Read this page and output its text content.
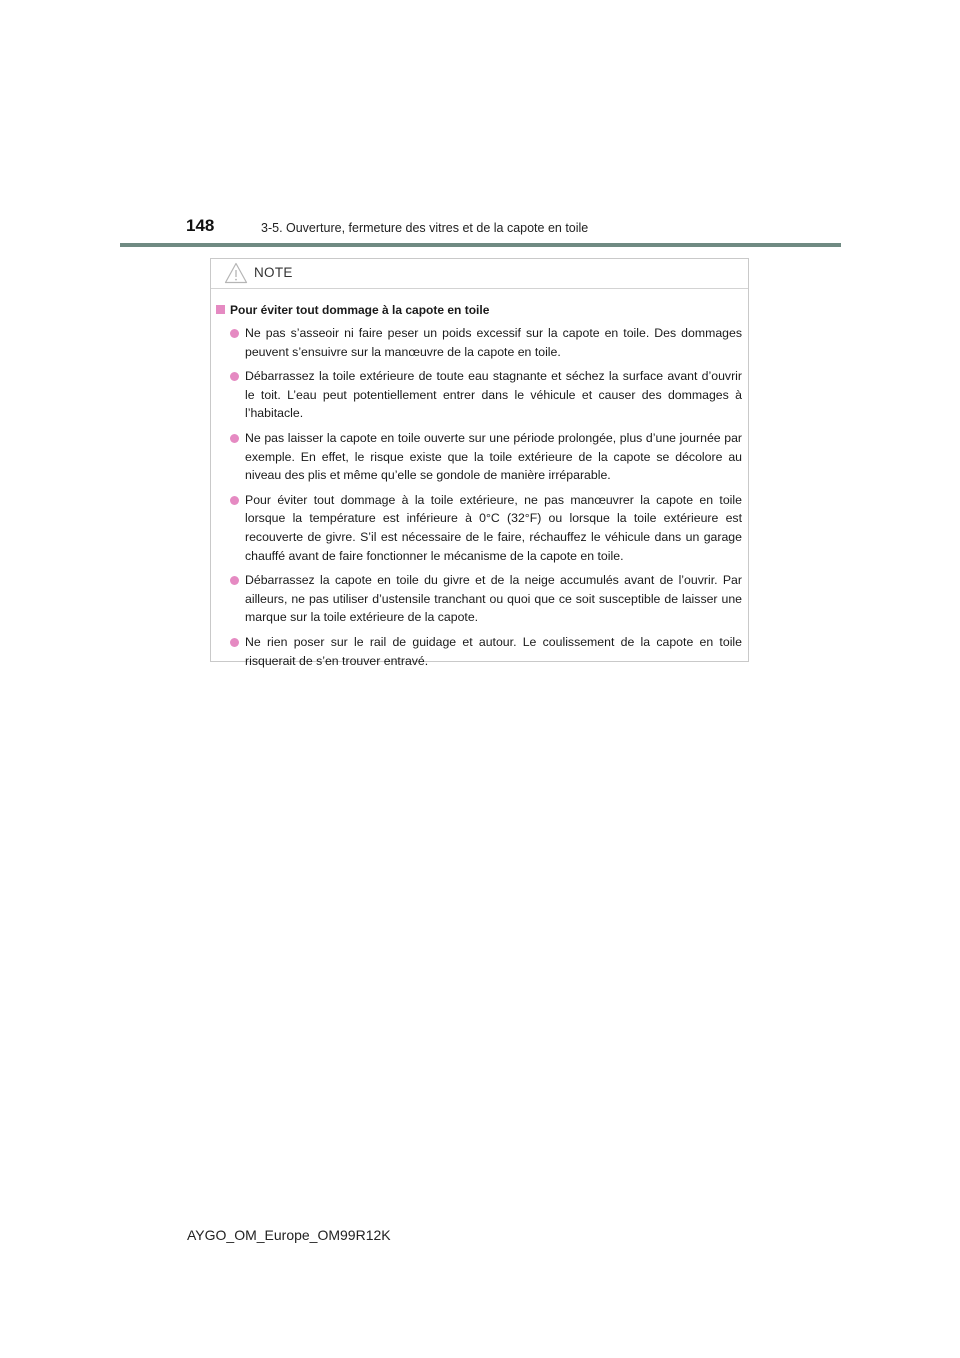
148	3-5. Ouverture, fermeture des vitres et de la capote en toile
NOTE
Pour éviter tout dommage à la capote en toile
Ne pas s’asseoir ni faire peser un poids excessif sur la capote en toile. Des dommages peuvent s’ensuivre sur la manœuvre de la capote en toile.
Débarrassez la toile extérieure de toute eau stagnante et séchez la surface avant d’ouvrir le toit. L’eau peut potentiellement entrer dans le véhicule et causer des dommages à l’habitacle.
Ne pas laisser la capote en toile ouverte sur une période prolongée, plus d’une journée par exemple. En effet, le risque existe que la toile extérieure de la capote se décolore au niveau des plis et même qu’elle se gondole de manière irréparable.
Pour éviter tout dommage à la toile extérieure, ne pas manœuvrer la capote en toile lorsque la température est inférieure à 0°C (32°F) ou lorsque la toile extérieure est recouverte de givre. S’il est nécessaire de le faire, réchauffez le véhicule dans un garage chauffé avant de faire fonctionner le mécanisme de la capote en toile.
Débarrassez la capote en toile du givre et de la neige accumulés avant de l’ouvrir. Par ailleurs, ne pas utiliser d’ustensile tranchant ou quoi que ce soit susceptible de laisser une marque sur la toile extérieure de la capote.
Ne rien poser sur le rail de guidage et autour. Le coulissement de la capote en toile risquerait de s’en trouver entravé.
AYGO_OM_Europe_OM99R12K
